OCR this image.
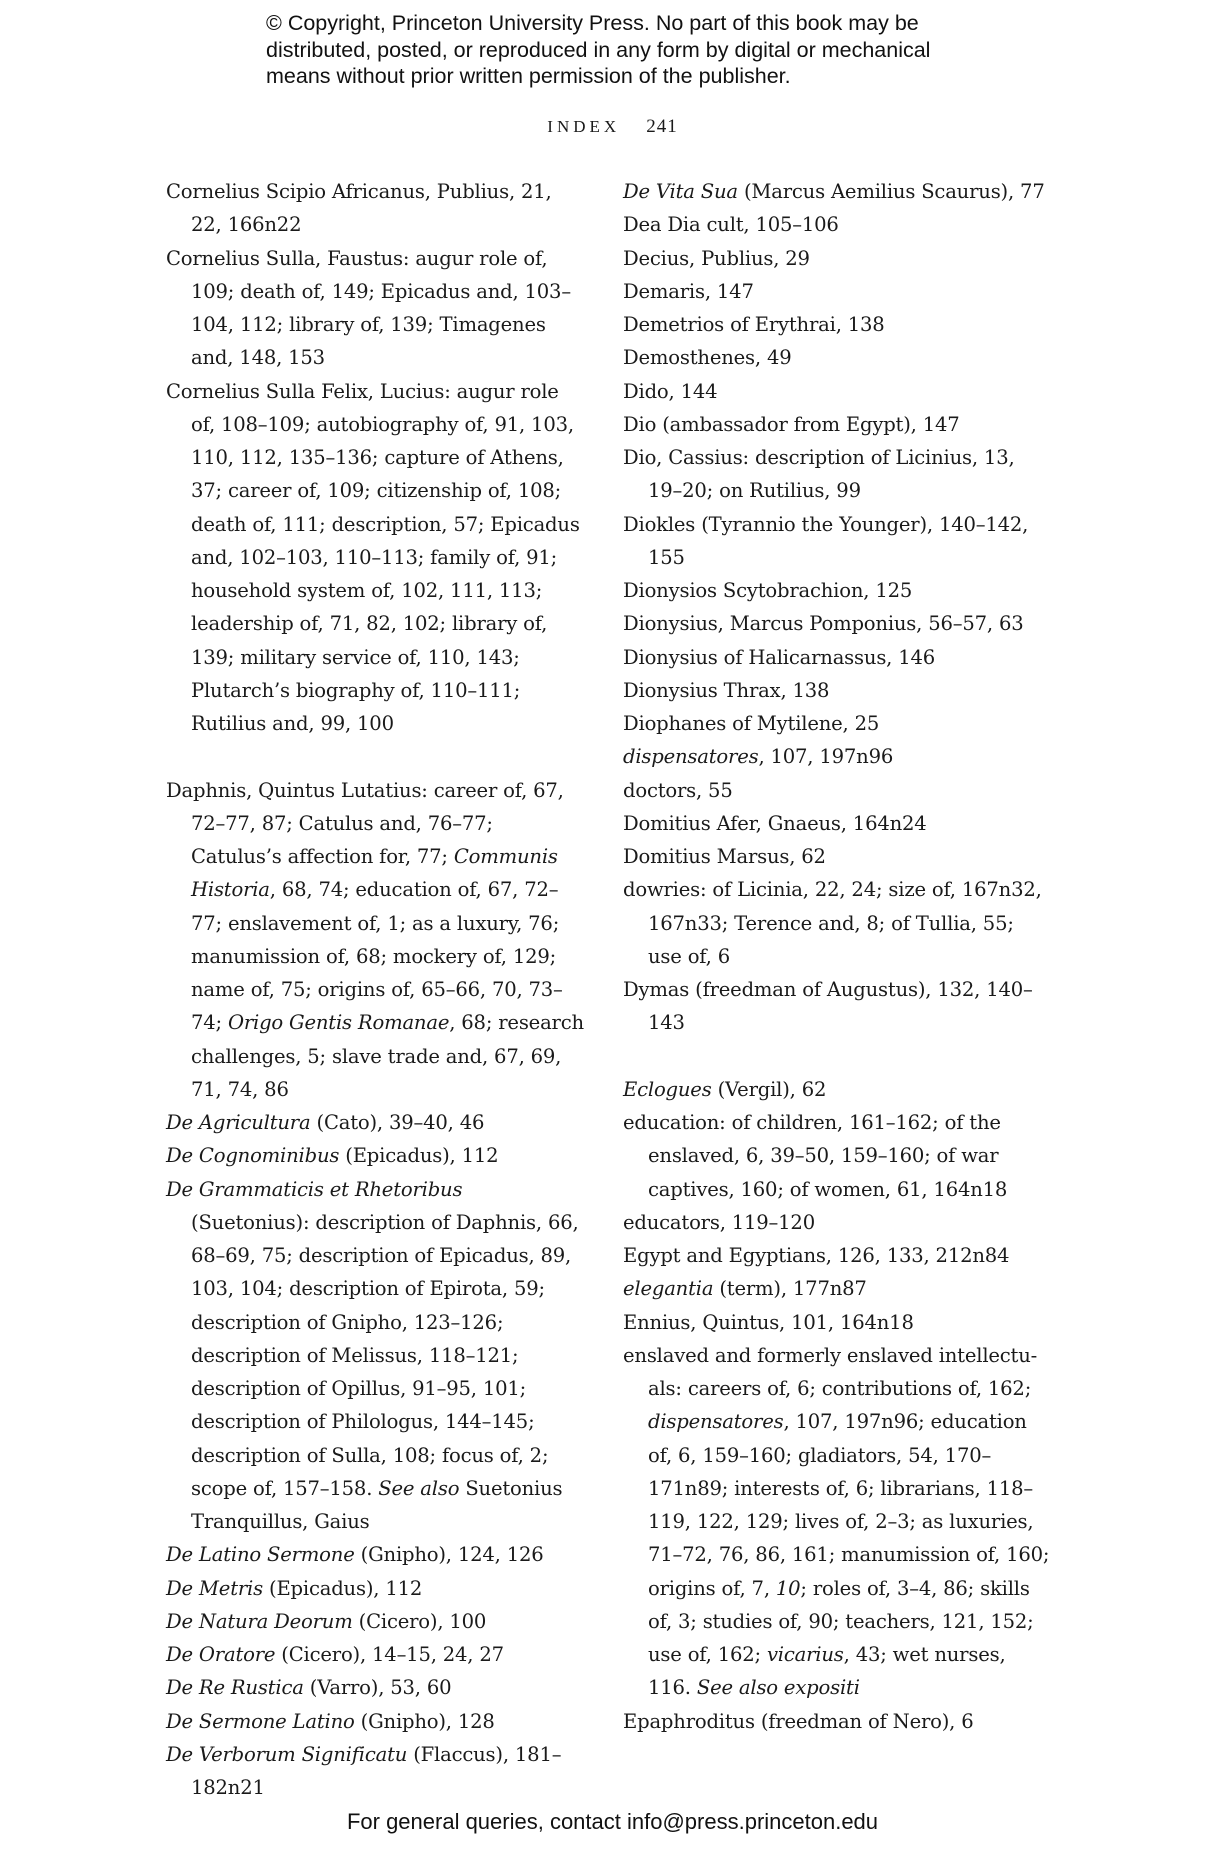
© Copyright, Princeton University Press. No part of this book may be
distributed, posted, or reproduced in any form by digital or mechanical
means without prior written permission of the publisher.
INDEX 241
Cornelius Scipio Africanus, Publius, 21, 22, 166n22
Cornelius Sulla, Faustus: augur role of, 109; death of, 149; Epicadus and, 103–104, 112; library of, 139; Timagenes and, 148, 153
Cornelius Sulla Felix, Lucius: augur role of, 108–109; autobiography of, 91, 103, 110, 112, 135–136; capture of Athens, 37; career of, 109; citizenship of, 108; death of, 111; description, 57; Epicadus and, 102–103, 110–113; family of, 91; household system of, 102, 111, 113; leadership of, 71, 82, 102; library of, 139; military service of, 110, 143; Plutarch’s biography of, 110–111; Rutilius and, 99, 100
Daphnis, Quintus Lutatius: career of, 67, 72–77, 87; Catulus and, 76–77; Catulus’s affection for, 77; Communis Historia, 68, 74; education of, 67, 72–77; enslavement of, 1; as a luxury, 76; manumission of, 68; mockery of, 129; name of, 75; origins of, 65–66, 70, 73–74; Origo Gentis Romanae, 68; research challenges, 5; slave trade and, 67, 69, 71, 74, 86
De Agricultura (Cato), 39–40, 46
De Cognominibus (Epicadus), 112
De Grammaticis et Rhetoribus (Suetonius): description of Daphnis, 66, 68–69, 75; description of Epicadus, 89, 103, 104; description of Epirota, 59; description of Gnipho, 123–126; description of Melissus, 118–121; description of Opillus, 91–95, 101; description of Philologus, 144–145; description of Sulla, 108; focus of, 2; scope of, 157–158. See also Suetonius Tranquillus, Gaius
De Latino Sermone (Gnipho), 124, 126
De Metris (Epicadus), 112
De Natura Deorum (Cicero), 100
De Oratore (Cicero), 14–15, 24, 27
De Re Rustica (Varro), 53, 60
De Sermone Latino (Gnipho), 128
De Verborum Significatu (Flaccus), 181–182n21
De Vita Sua (Marcus Aemilius Scaurus), 77
Dea Dia cult, 105–106
Decius, Publius, 29
Demaris, 147
Demetrios of Erythrai, 138
Demosthenes, 49
Dido, 144
Dio (ambassador from Egypt), 147
Dio, Cassius: description of Licinius, 13, 19–20; on Rutilius, 99
Diokles (Tyrannio the Younger), 140–142, 155
Dionysios Scytobrachion, 125
Dionysius, Marcus Pomponius, 56–57, 63
Dionysius of Halicarnassus, 146
Dionysius Thrax, 138
Diophanes of Mytilene, 25
dispensatores, 107, 197n96
doctors, 55
Domitius Afer, Gnaeus, 164n24
Domitius Marsus, 62
dowries: of Licinia, 22, 24; size of, 167n32, 167n33; Terence and, 8; of Tullia, 55; use of, 6
Dymas (freedman of Augustus), 132, 140–143
Eclogues (Vergil), 62
education: of children, 161–162; of the enslaved, 6, 39–50, 159–160; of war captives, 160; of women, 61, 164n18
educators, 119–120
Egypt and Egyptians, 126, 133, 212n84
elegantia (term), 177n87
Ennius, Quintus, 101, 164n18
enslaved and formerly enslaved intellectuals: careers of, 6; contributions of, 162; dispensatores, 107, 197n96; education of, 6, 159–160; gladiators, 54, 170–171n89; interests of, 6; librarians, 118–119, 122, 129; lives of, 2–3; as luxuries, 71–72, 76, 86, 161; manumission of, 160; origins of, 7, 10; roles of, 3–4, 86; skills of, 3; studies of, 90; teachers, 121, 152; use of, 162; vicarius, 43; wet nurses, 116. See also expositi
Epaphroditus (freedman of Nero), 6
For general queries, contact info@press.princeton.edu
